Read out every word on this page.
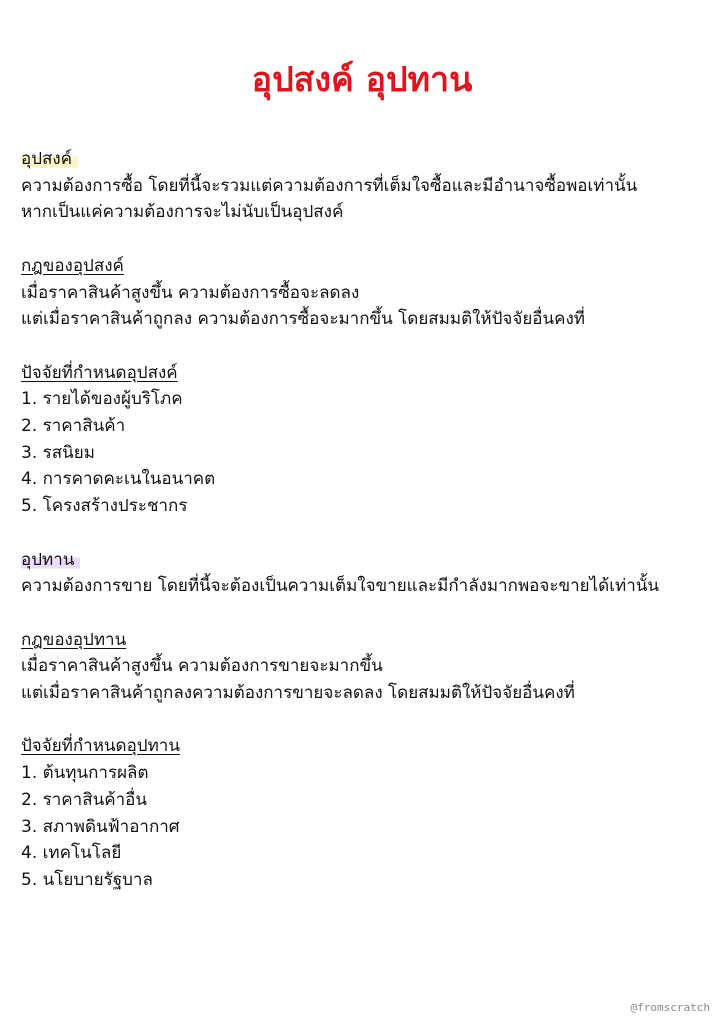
อุปสงค์ อุปทาน
อุปสงค์
ความต้องการซื้อ โดยที่นี้จะรวมแต่ความต้องการที่เต็มใจซื้อและมีอำนาจซื้อพอเท่านั้น
หากเป็นแค่ความต้องการจะไม่นับเป็นอุปสงค์
กฎของอุปสงค์
เมื่อราคาสินค้าสูงขึ้น ความต้องการซื้อจะลดลง
แต่เมื่อราคาสินค้าถูกลง ความต้องการซื้อจะมากขึ้น โดยสมมติให้ปัจจัยอื่นคงที่
ปัจจัยที่กำหนดอุปสงค์
1. รายได้ของผู้บริโภค
2. ราคาสินค้า
3. รสนิยม
4. การคาดคะเนในอนาคต
5. โครงสร้างประชากร
อุปทาน
ความต้องการขาย โดยที่นี้จะต้องเป็นความเต็มใจขายและมีกำลังมากพอจะขายได้เท่านั้น
กฎของอุปทาน
เมื่อราคาสินค้าสูงขึ้น ความต้องการขายจะมากขึ้น
แต่เมื่อราคาสินค้าถูกลงความต้องการขายจะลดลง โดยสมมติให้ปัจจัยอื่นคงที่
ปัจจัยที่กำหนดอุปทาน
1. ต้นทุนการผลิต
2. ราคาสินค้าอื่น
3. สภาพดินฟ้าอากาศ
4. เทคโนโลยี
5. นโยบายรัฐบาล
@fromscratch
